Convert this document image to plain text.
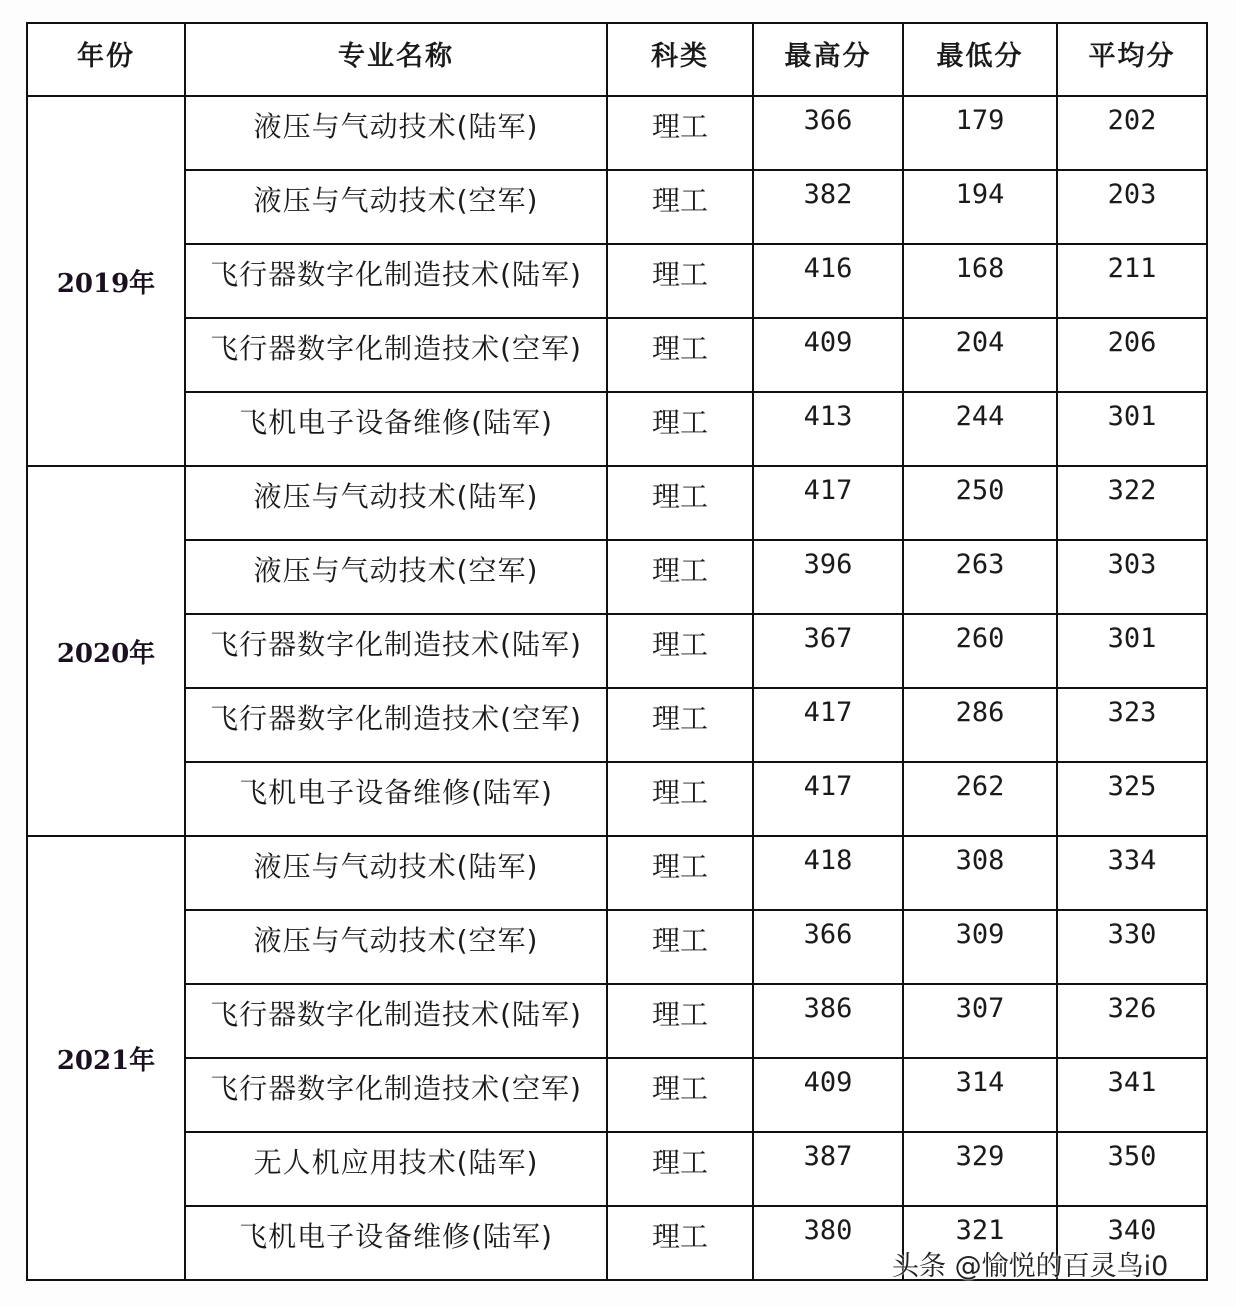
年份	专业名称	科类	最高分	最低分	平均分
2019年	液压与气动技术(陆军)	理工	366	179	202
	液压与气动技术(空军)	理工	382	194	203
	飞行器数字化制造技术(陆军)	理工	416	168	211
	飞行器数字化制造技术(空军)	理工	409	204	206
	飞机电子设备维修(陆军)	理工	413	244	301
2020年	液压与气动技术(陆军)	理工	417	250	322
	液压与气动技术(空军)	理工	396	263	303
	飞行器数字化制造技术(陆军)	理工	367	260	301
	飞行器数字化制造技术(空军)	理工	417	286	323
	飞机电子设备维修(陆军)	理工	417	262	325
2021年	液压与气动技术(陆军)	理工	418	308	334
	液压与气动技术(空军)	理工	366	309	330
	飞行器数字化制造技术(陆军)	理工	386	307	326
	飞行器数字化制造技术(空军)	理工	409	314	341
	无人机应用技术(陆军)	理工	387	329	350
	飞机电子设备维修(陆军)	理工	380	321	340
头条 @愉悦的百灵鸟i0
